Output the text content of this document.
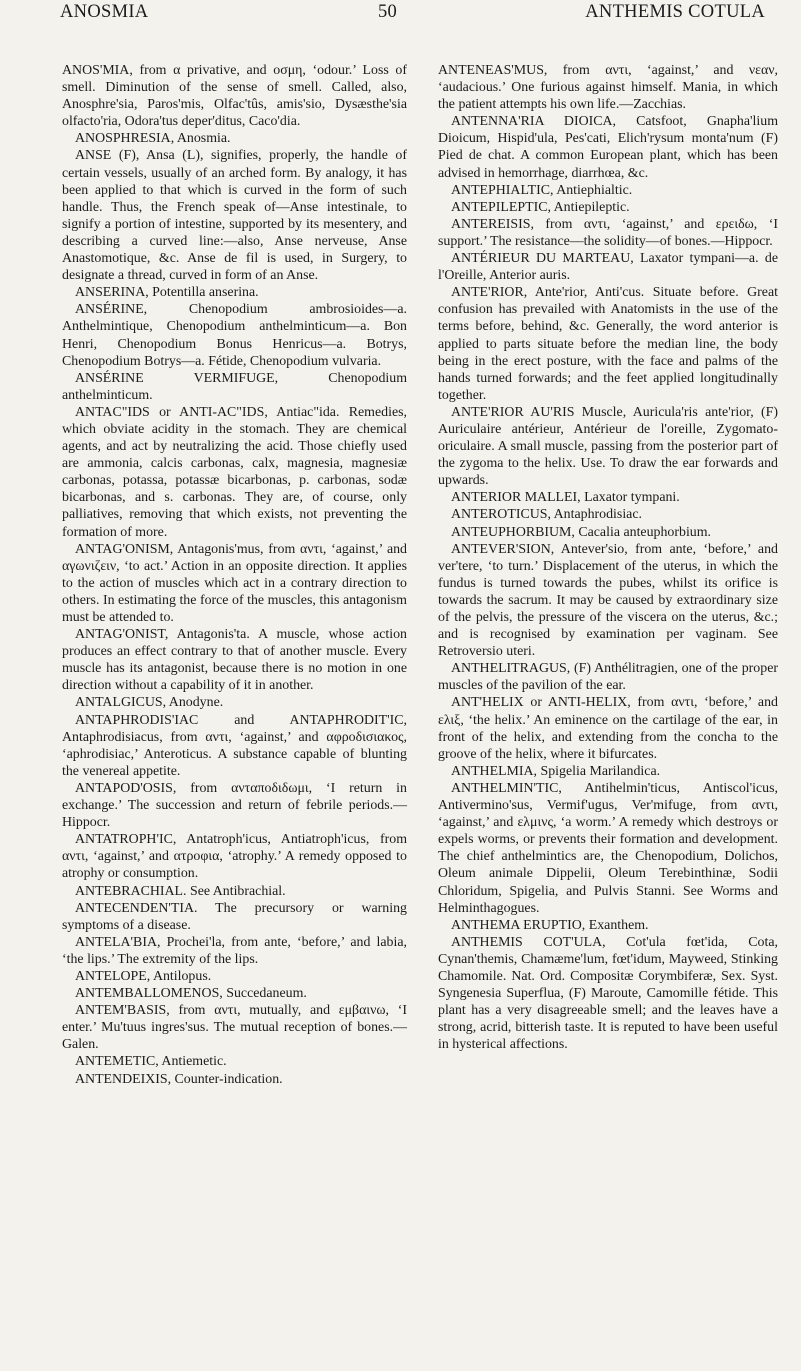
ANOSMIA	50	ANTHEMIS COTULA

ANOS'MIA, from α privative, and οσμη, ‘odour.’ Loss of smell. Diminution of the sense of smell. Called, also, Anosphre'sia, Paros'mis, Olfac'tûs, amis'sio, Dysæsthe'sia olfacto'ria, Odora'tus deper'ditus, Caco'dia.

ANOSPHRESIA, Anosmia.

ANSE (F), Ansa (L), signifies, properly, the handle of certain vessels, usually of an arched form. By analogy, it has been applied to that which is curved in the form of such handle. Thus, the French speak of—Anse intestinale, to signify a portion of intestine, supported by its mesentery, and describing a curved line:—also, Anse nerveuse, Anse Anastomotique, &c. Anse de fil is used, in Surgery, to designate a thread, curved in form of an Anse.

ANSERINA, Potentilla anserina.

ANSÉRINE, Chenopodium ambrosioides—a. Anthelmintique, Chenopodium anthelminticum—a. Bon Henri, Chenopodium Bonus Henricus—a. Botrys, Chenopodium Botrys—a. Fétide, Chenopodium vulvaria.

ANSÉRINE VERMIFUGE, Chenopodium anthelminticum.

ANTAC"IDS or ANTI-AC"IDS, Antiac"ida. Remedies, which obviate acidity in the stomach. They are chemical agents, and act by neutralizing the acid. Those chiefly used are ammonia, calcis carbonas, calx, magnesia, magnesiæ carbonas, potassa, potassæ bicarbonas, p. carbonas, sodæ bicarbonas, and s. carbonas. They are, of course, only palliatives, removing that which exists, not preventing the formation of more.

ANTAG'ONISM, Antagonis'mus, from αντι, ‘against,’ and αγωνιζειν, ‘to act.’ Action in an opposite direction. It applies to the action of muscles which act in a contrary direction to others. In estimating the force of the muscles, this antagonism must be attended to.

ANTAG'ONIST, Antagonis'ta. A muscle, whose action produces an effect contrary to that of another muscle. Every muscle has its antagonist, because there is no motion in one direction without a capability of it in another.

ANTALGICUS, Anodyne.

ANTAPHRODIS'IAC and ANTAPHRODIT'IC, Antaphrodisiacus, from αντι, ‘against,’ and αφροδισιακος, ‘aphrodisiac,’ Anteroticus. A substance capable of blunting the venereal appetite.

ANTAPOD'OSIS, from ανταποδιδωμι, ‘I return in exchange.’ The succession and return of febrile periods.—Hippocr.

ANTATROPH'IC, Antatroph'icus, Antiatroph'icus, from αντι, ‘against,’ and ατροφια, ‘atrophy.’ A remedy opposed to atrophy or consumption.

ANTEBRACHIAL. See Antibrachial.

ANTECENDEN'TIA. The precursory or warning symptoms of a disease.

ANTELA'BIA, Prochei'la, from ante, ‘before,’ and labia, ‘the lips.’ The extremity of the lips.

ANTELOPE, Antilopus.

ANTEMBALLOMENOS, Succedaneum.

ANTEM'BASIS, from αντι, mutually, and εμβαινω, ‘I enter.’ Mu'tuus ingres'sus. The mutual reception of bones.—Galen.

ANTEMETIC, Antiemetic.

ANTENDEIXIS, Counter-indication.

ANTENEAS'MUS, from αντι, ‘against,’ and νεαν, ‘audacious.’ One furious against himself. Mania, in which the patient attempts his own life.—Zacchias.

ANTENNA'RIA DIOICA, Catsfoot, Gnapha'lium Dioicum, Hispid'ula, Pes'cati, Elich'rysum monta'num (F) Pied de chat. A common European plant, which has been advised in hemorrhage, diarrhœa, &c.

ANTEPHIALTIC, Antiephialtic.

ANTEPILEPTIC, Antiepileptic.

ANTEREISIS, from αντι, ‘against,’ and ερειδω, ‘I support.’ The resistance—the solidity—of bones.—Hippocr.

ANTÉRIEUR DU MARTEAU, Laxator tympani—a. de l'Oreille, Anterior auris.

ANTE'RIOR, Ante'rior, Anti'cus. Situate before. Great confusion has prevailed with Anatomists in the use of the terms before, behind, &c. Generally, the word anterior is applied to parts situate before the median line, the body being in the erect posture, with the face and palms of the hands turned forwards; and the feet applied longitudinally together.

ANTE'RIOR AU'RIS Muscle, Auricula'ris ante'rior, (F) Auriculaire antérieur, Antérieur de l'oreille, Zygomato-oriculaire. A small muscle, passing from the posterior part of the zygoma to the helix. Use. To draw the ear forwards and upwards.

ANTERIOR MALLEI, Laxator tympani.

ANTEROTICUS, Antaphrodisiac.

ANTEUPHORBIUM, Cacalia anteuphorbium.

ANTEVER'SION, Antever'sio, from ante, ‘before,’ and ver'tere, ‘to turn.’ Displacement of the uterus, in which the fundus is turned towards the pubes, whilst its orifice is towards the sacrum. It may be caused by extraordinary size of the pelvis, the pressure of the viscera on the uterus, &c.; and is recognised by examination per vaginam. See Retroversio uteri.

ANTHELITRAGUS, (F) Anthélitragien, one of the proper muscles of the pavilion of the ear.

ANT'HELIX or ANTI-HELIX, from αντι, ‘before,’ and ελιξ, ‘the helix.’ An eminence on the cartilage of the ear, in front of the helix, and extending from the concha to the groove of the helix, where it bifurcates.

ANTHELMIA, Spigelia Marilandica.

ANTHELMIN'TIC, Antihelmin'ticus, Antiscol'icus, Antivermino'sus, Vermif'ugus, Ver'mifuge, from αντι, ‘against,’ and ελμινς, ‘a worm.’ A remedy which destroys or expels worms, or prevents their formation and development. The chief anthelmintics are, the Chenopodium, Dolichos, Oleum animale Dippelii, Oleum Terebinthinæ, Sodii Chloridum, Spigelia, and Pulvis Stanni. See Worms and Helminthagogues.

ANTHEMA ERUPTIO, Exanthem.

ANTHEMIS COT'ULA, Cot'ula fœt'ida, Cota, Cynan'themis, Chamæme'lum, fœt'idum, Mayweed, Stinking Chamomile. Nat. Ord. Compositæ Corymbiferæ, Sex. Syst. Syngenesia Superflua, (F) Maroute, Camomille fétide. This plant has a very disagreeable smell; and the leaves have a strong, acrid, bitterish taste. It is reputed to have been useful in hysterical affections.
